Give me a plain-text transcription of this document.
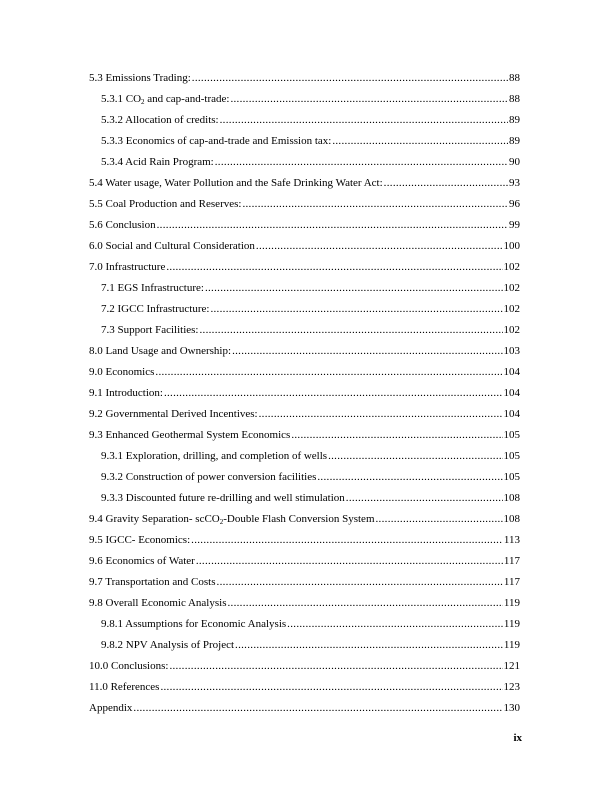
5.3 Emissions Trading: .....	88
5.3.1 $CO_2$ and cap-and-trade: .....	88
5.3.2 Allocation of credits: .....	89
5.3.3 Economics of cap-and-trade and Emission tax: .....	89
5.3.4 Acid Rain Program: .....	90
5.4 Water usage, Water Pollution and the Safe Drinking Water Act: .....	93
5.5 Coal Production and Reserves: .....	96
5.6 Conclusion .....	99
6.0 Social and Cultural Consideration .....	100
7.0 Infrastructure .....	102
7.1 EGS Infrastructure: .....	102
7.2 IGCC Infrastructure: .....	102
7.3 Support Facilities: .....	102
8.0 Land Usage and Ownership: .....	103
9.0 Economics .....	104
9.1 Introduction: .....	104
9.2 Governmental Derived Incentives: .....	104
9.3 Enhanced Geothermal System Economics .....	105
9.3.1 Exploration, drilling, and completion of wells .....	105
9.3.2 Construction of power conversion facilities .....	105
9.3.3 Discounted future re-drilling and well stimulation .....	108
9.4 Gravity Separation- scCO$_2$-Double Flash Conversion System .....	108
9.5 IGCC- Economics: .....	113
9.6 Economics of Water .....	117
9.7 Transportation and Costs .....	117
9.8 Overall Economic Analysis .....	119
9.8.1 Assumptions for Economic Analysis .....	119
9.8.2 NPV Analysis of Project .....	119
10.0 Conclusions: .....	121
11.0 References .....	123
Appendix .....	130
ix
